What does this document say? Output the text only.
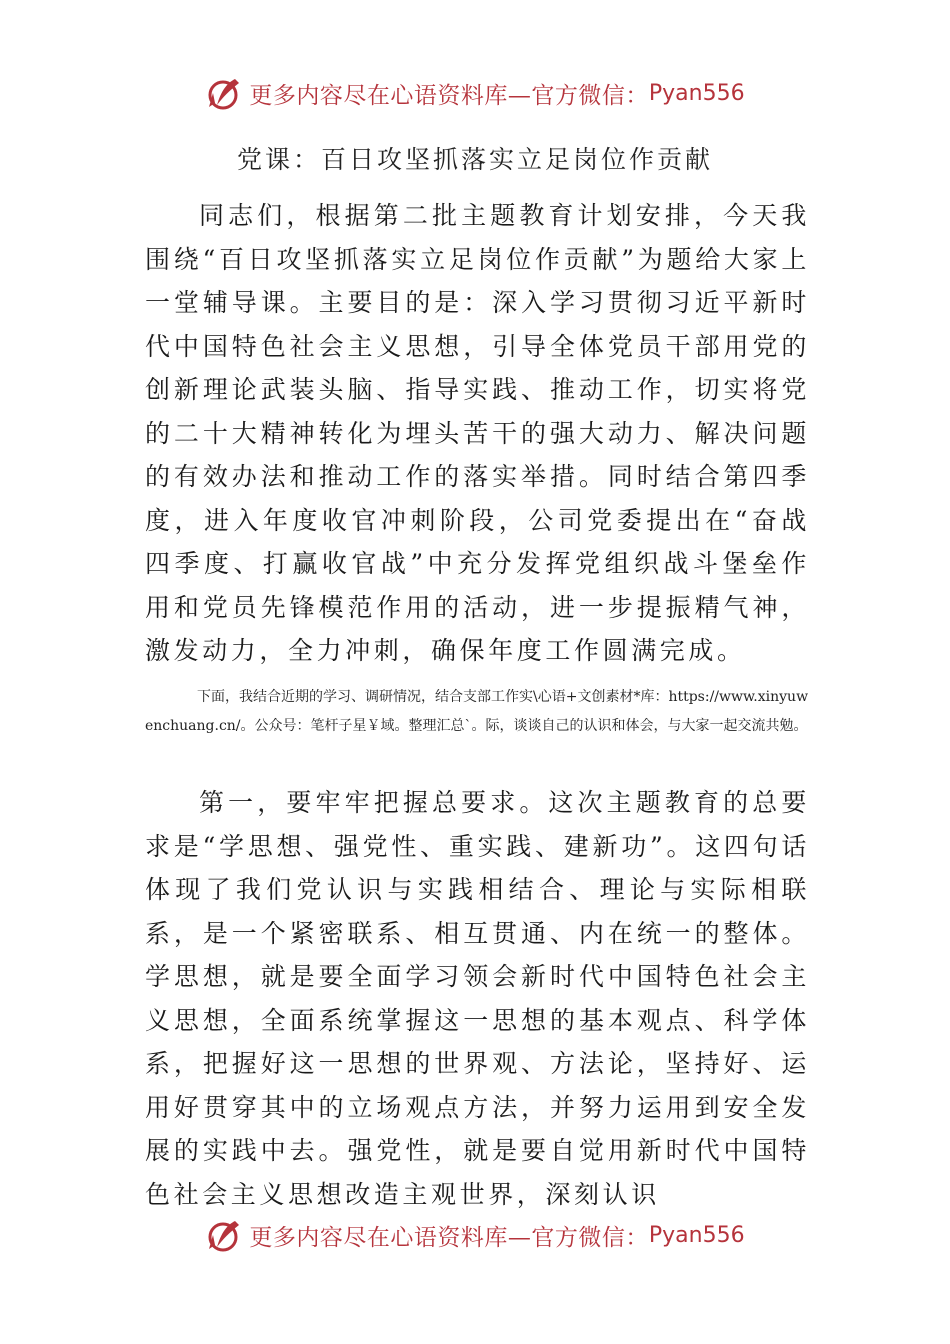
更多内容尽在心语资料库—官方微信： Pyan556
党课：百日攻坚抓落实立足岗位作贡献

同志们，根据第二批主题教育计划安排，今天我围绕“百日攻坚抓落实立足岗位作贡献”为题给大家上一堂辅导课。主要目的是：深入学习贯彻习近平新时代中国特色社会主义思想，引导全体党员干部用党的创新理论武装头脑、指导实践、推动工作，切实将党的二十大精神转化为埋头苦干的强大动力、解决问题的有效办法和推动工作的落实举措。同时结合第四季度，进入年度收官冲刺阶段，公司党委提出在“奋战四季度、打赢收官战”中充分发挥党组织战斗堡垒作用和党员先锋模范作用的活动，进一步提振精气神，激发动力，全力冲刺，确保年度工作圆满完成。

下面，我结合近期的学习、调研情况，结合支部工作实\心语+文创素材*库：https://www.xinyuwenchuang.cn/。公众号：笔杆子星￥域。整理汇总`。际，谈谈自己的认识和体会，与大家一起交流共勉。

第一，要牢牢把握总要求。这次主题教育的总要求是“学思想、强党性、重实践、建新功”。这四句话体现了我们党认识与实践相结合、理论与实际相联系，是一个紧密联系、相互贯通、内在统一的整体。学思想，就是要全面学习领会新时代中国特色社会主义思想，全面系统掌握这一思想的基本观点、科学体系，把握好这一思想的世界观、方法论，坚持好、运用好贯穿其中的立场观点方法，并努力运用到安全发展的实践中去。强党性，就是要自觉用新时代中国特色社会主义思想改造主观世界，深刻认识

更多内容尽在心语资料库—官方微信： Pyan556
